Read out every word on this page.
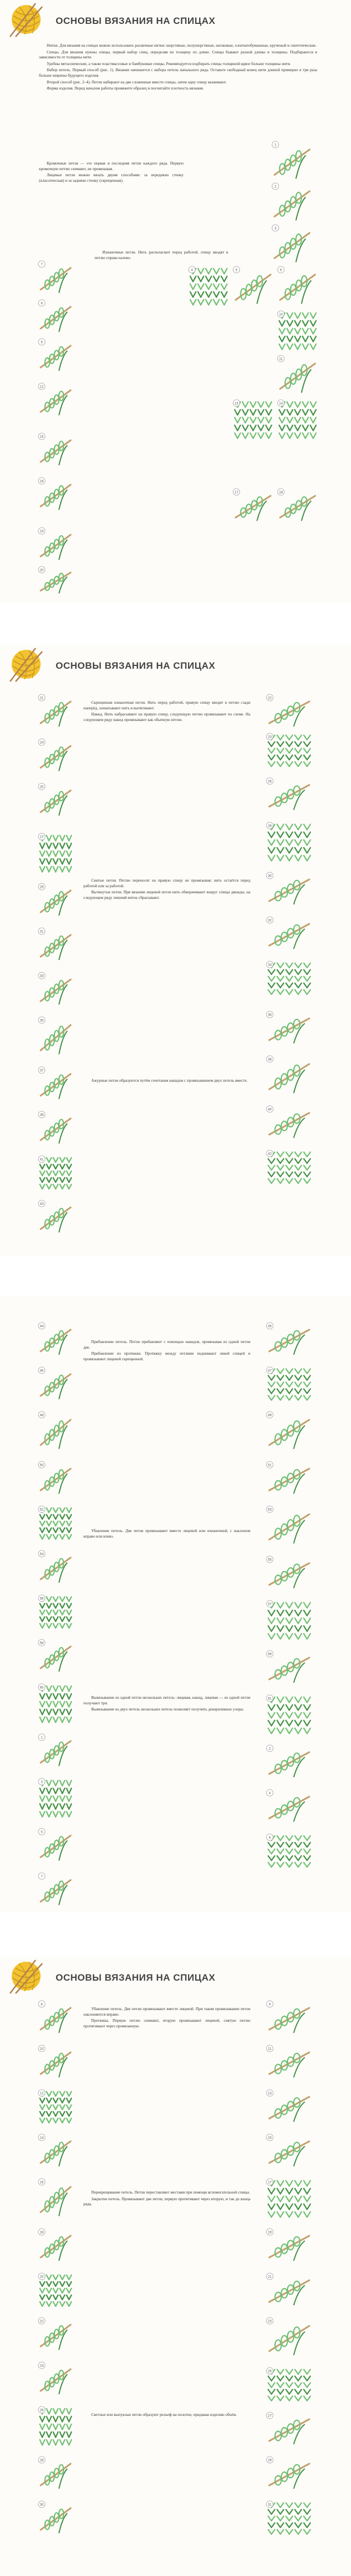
ОСНОВЫ ВЯЗАНИЯ НА СПИЦАХ

Нитки. Для вязания на спицах можно использовать различные нитки: шерстяные, полушерстяные, шелковые, хлопчатобумажные, крученый и синтетические.

Спицы. Для вязания нужны спицы, первый набор спиц, определяя их толщину по длине. Спицы бывают разной длины и толщины. Подбираются в зависимости от толщины нити.

Удобны металлические, а также пластмассовые и бамбуковые спицы. Рекомендуется подбирать спицы толщиной вдвое больше толщины нити.

Набор петель. Первый способ (рис. 1). Вязание начинается с набора петель начального ряда. Оставьте свободный конец нити длиной примерно в три раза больше ширины будущего изделия.

Второй способ (рис. 2–4). Петли набирают на две сложенные вместе спицы, затем одну спицу вынимают.

Форма изделия. Перед началом работы провяжите образец и посчитайте плотность вязания.

Кромочные петли — это первая и последняя петли каждого ряда. Первую кромочную петлю снимают, не провязывая.

Лицевые петли можно вязать двумя способами: за переднюю стенку (классическая) и за заднюю стенку (скрещенная).

Изнаночные петли. Нить располагают перед работой, спицу вводят в петлю справа налево.

ОСНОВЫ ВЯЗАНИЯ НА СПИЦАХ

Скрещенная изнаночная петля. Нить перед работой, правую спицу вводят в петлю сзади наперёд, захватывают нить и вытягивают.

Накид. Нить набрасывают на правую спицу, следующую петлю провязывают по схеме. На следующем ряду накид провязывают как обычную петлю.

Снятые петли. Петлю переносят на правую спицу не провязывая; нить остаётся перед работой или за работой.

Вытянутые петли. При вязании лицевой петли нить обворачивают вокруг спицы дважды, на следующем ряду лишний виток сбрасывают.

Ажурные петли образуются путём сочетания накидов с провязыванием двух петель вместе.

Прибавление петель. Петли прибавляют с помощью накидов, провязывая из одной петли две.

Прибавление из протяжки. Протяжку между петлями поднимают левой спицей и провязывают лицевой скрещенной.

Убавление петель. Две петли провязывают вместе лицевой или изнаночной, с наклоном вправо или влево.

Вывязывание из одной петли нескольких петель: лицевая, накид, лицевая — из одной петли получают три.

Вывязывание из двух петель нескольких петель позволяет получить декоративные узоры.

ОСНОВЫ ВЯЗАНИЯ НА СПИЦАХ

Убавление петель. Две петли провязывают вместе лицевой. При таком провязывании петли наклоняются вправо.

Протяжка. Первую петлю снимают, вторую провязывают лицевой, снятую петлю протягивают через провязанную.

Перекрещивание петель. Петли переставляют местами при помощи вспомогательной спицы.

Закрытие петель. Провязывают две петли, первую протягивают через вторую, и так до конца ряда.

Светлые или выпуклые петли образуют рельеф на полотне, придавая изделию объём.

1
2
3
4	5	6
7
8
9
10
11
12
13	14
15
16
17	18
19
20
21	22
23
24
25
26
27
28
29
30
31
32
33
34
35
36
37
38
39
40
41
42
43
44	45
46	47
48	49
50	51
52	53
54
55
56
57
58
59
60
61
1
2
3
4
5
6
7
8	9
10	11
12	13
14	15
16	17
18	19
20	21
22	23
24
25
26
27
28	29
30	31
